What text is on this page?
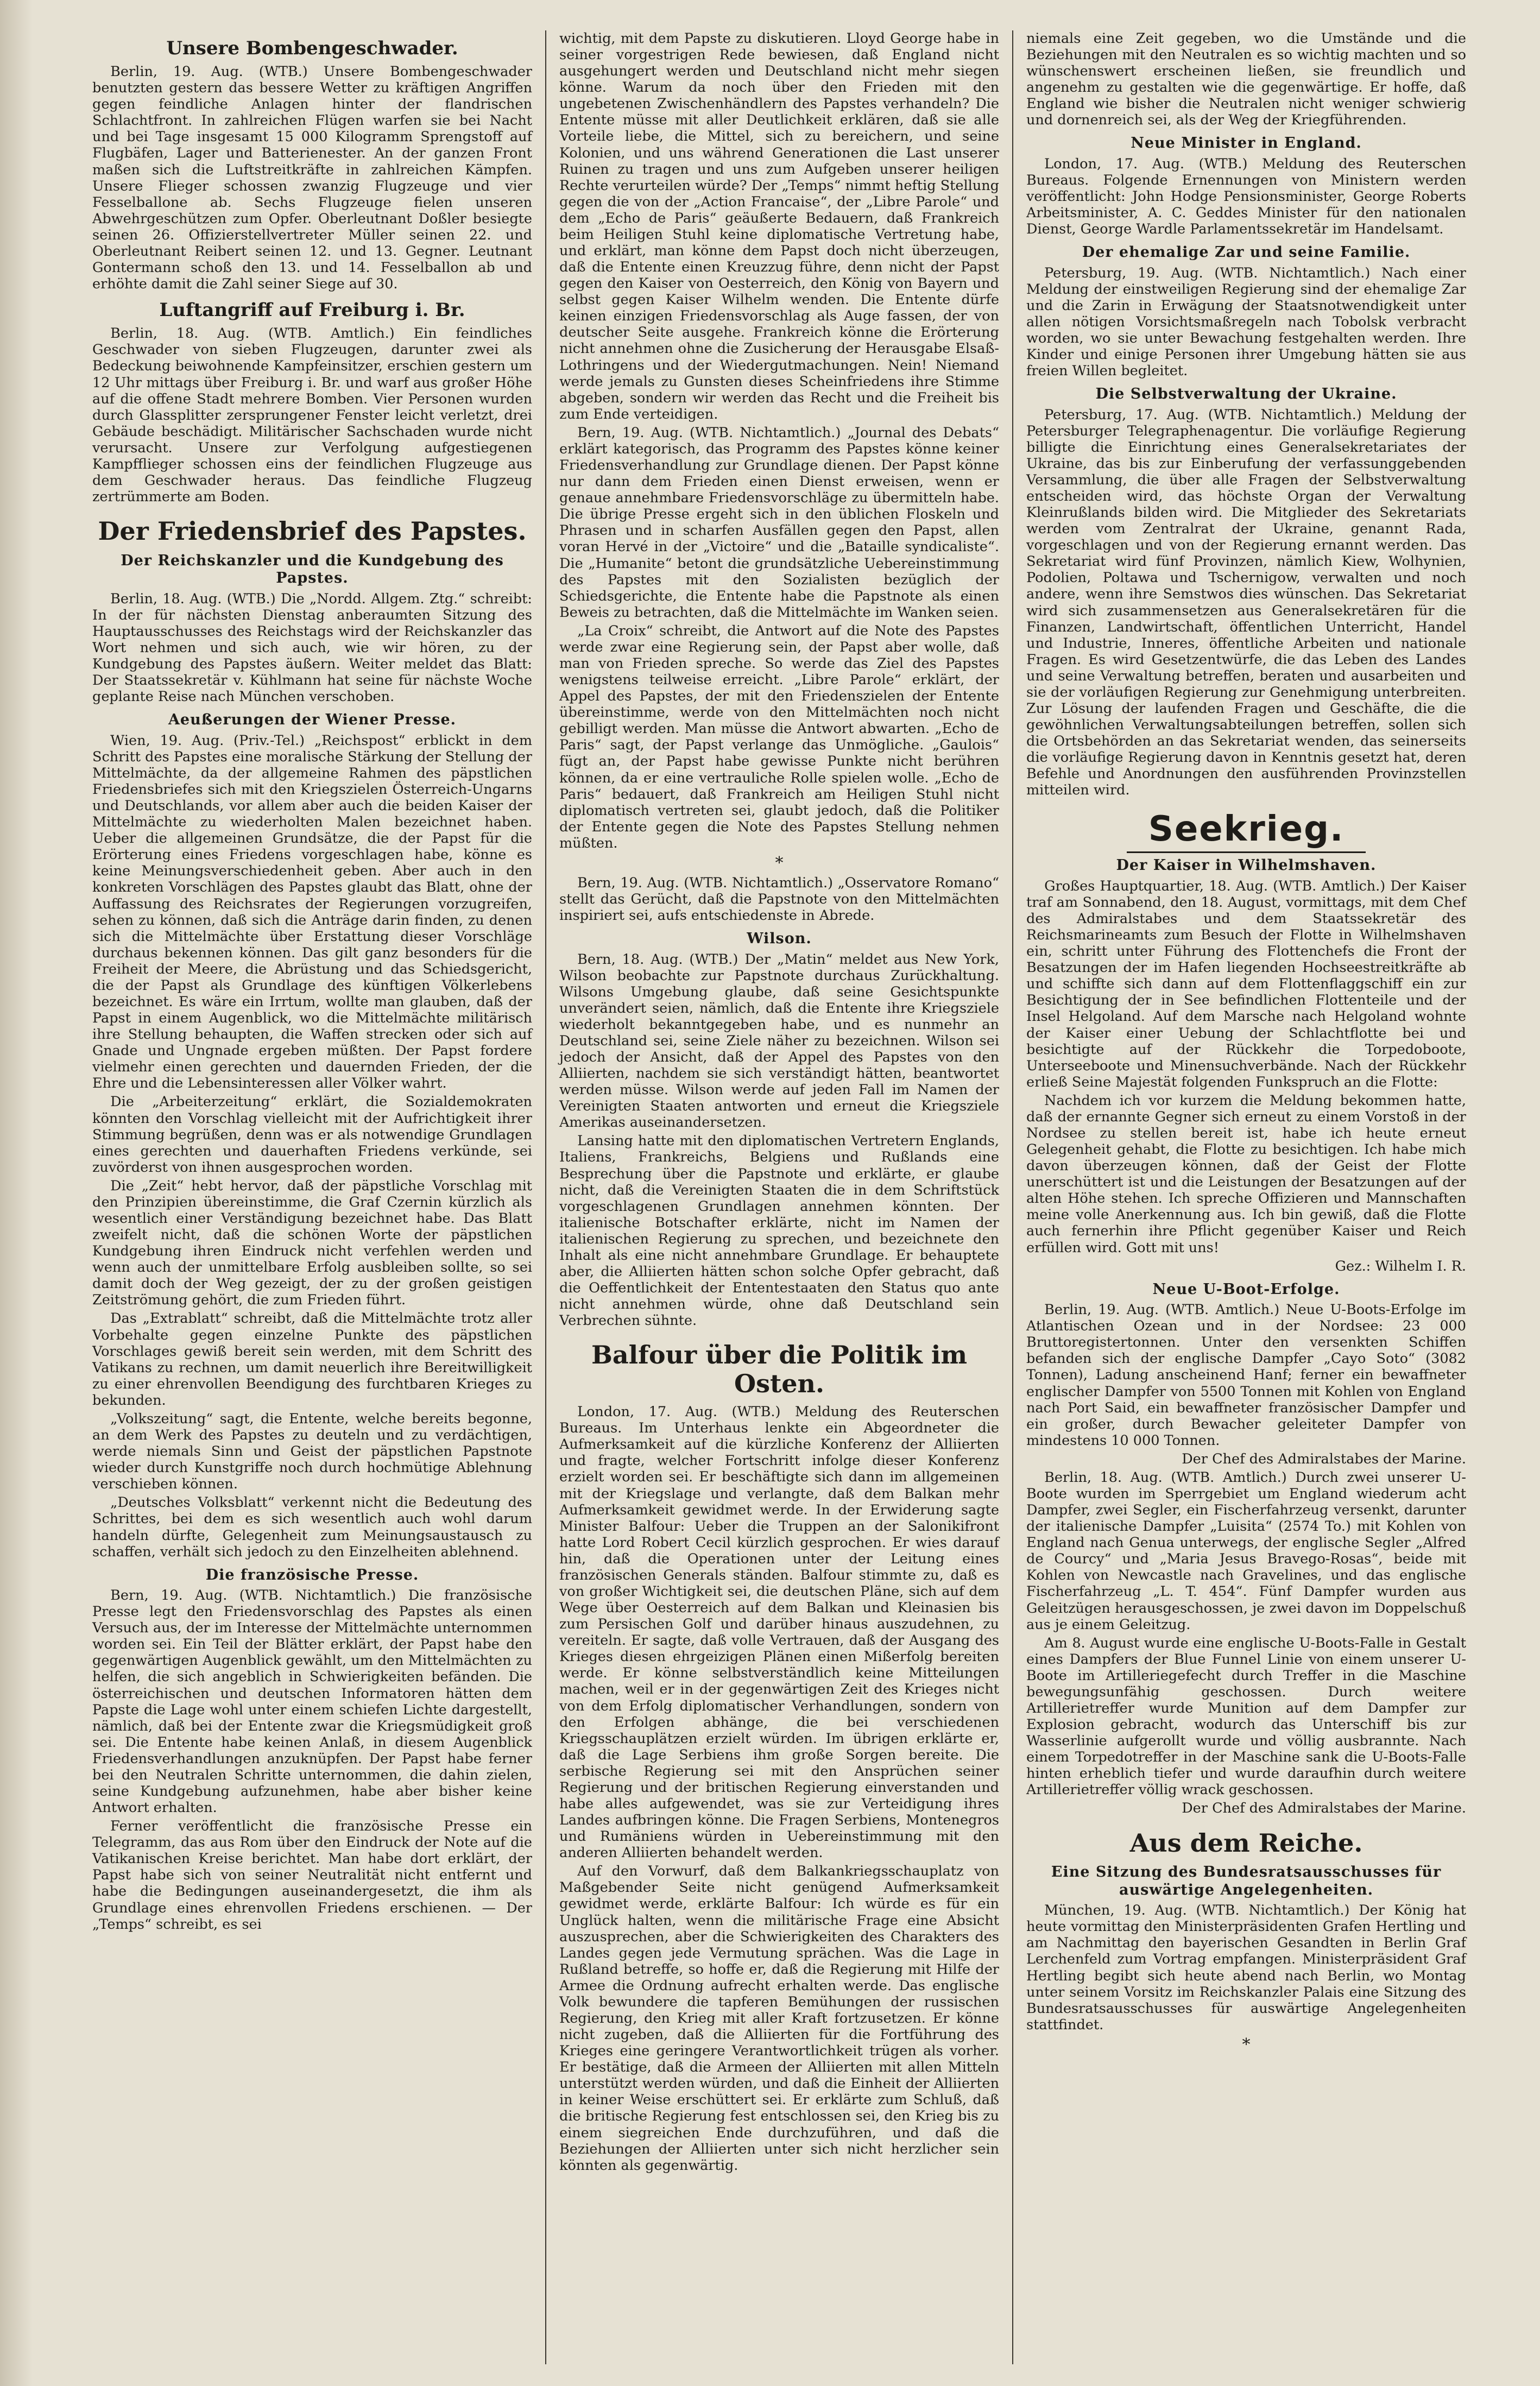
Unsere Bombengeschwader.

Berlin, 19. Aug. (WTB.) Unsere Bombengeschwader benutzten gestern das bessere Wetter zu kräftigen Angriffen gegen feindliche Anlagen hinter der flandrischen Schlachtfront. In zahlreichen Flügen warfen sie bei Nacht und bei Tage insgesamt 15 000 Kilogramm Sprengstoff auf Flugbäfen, Lager und Batterienester. An der ganzen Front maßen sich die Luftstreitkräfte in zahlreichen Kämpfen. Unsere Flieger schossen zwanzig Flugzeuge und vier Fesselballone ab. Sechs Flugzeuge fielen unseren Abwehrgeschützen zum Opfer. Oberleutnant Doßler besiegte seinen 26. Offizierstellvertreter Müller seinen 22. und Oberleutnant Reibert seinen 12. und 13. Gegner. Leutnant Gontermann schoß den 13. und 14. Fesselballon ab und erhöhte damit die Zahl seiner Siege auf 30.

Luftangriff auf Freiburg i. Br.

Berlin, 18. Aug. (WTB. Amtlich.) Ein feindliches Geschwader von sieben Flugzeugen, darunter zwei als Bedeckung beiwohnende Kampfeinsitzer, erschien gestern um 12 Uhr mittags über Freiburg i. Br. und warf aus großer Höhe auf die offene Stadt mehrere Bomben. Vier Personen wurden durch Glassplitter zersprungener Fenster leicht verletzt, drei Gebäude beschädigt. Militärischer Sachschaden wurde nicht verursacht. Unsere zur Verfolgung aufgestiegenen Kampfflieger schossen eins der feindlichen Flugzeuge aus dem Geschwader heraus. Das feindliche Flugzeug zertrümmerte am Boden.

Der Friedensbrief des Papstes.
Der Reichskanzler und die Kundgebung des Papstes.

Berlin, 18. Aug. (WTB.) Die „Nordd. Allgem. Ztg.“ schreibt: In der für nächsten Dienstag anberaumten Sitzung des Hauptausschusses des Reichstags wird der Reichskanzler das Wort nehmen und sich auch, wie wir hören, zu der Kundgebung des Papstes äußern. Weiter meldet das Blatt: Der Staatssekretär v. Kühlmann hat seine für nächste Woche geplante Reise nach München verschoben.

Aeußerungen der Wiener Presse.

Wien, 19. Aug. (Priv.-Tel.) „Reichspost“ erblickt in dem Schritt des Papstes eine moralische Stärkung der Stellung der Mittelmächte, da der allgemeine Rahmen des päpstlichen Friedensbriefes sich mit den Kriegszielen Österreich-Ungarns und Deutschlands, vor allem aber auch die beiden Kaiser der Mittelmächte zu wiederholten Malen bezeichnet haben. Ueber die allgemeinen Grundsätze, die der Papst für die Erörterung eines Friedens vorgeschlagen habe, könne es keine Meinungsverschiedenheit geben. Aber auch in den konkreten Vorschlägen des Papstes glaubt das Blatt, ohne der Auffassung des Reichsrates der Regierungen vorzugreifen, sehen zu können, daß sich die Anträge darin finden, zu denen sich die Mittelmächte über Erstattung dieser Vorschläge durchaus bekennen können. Das gilt ganz besonders für die Freiheit der Meere, die Abrüstung und das Schiedsgericht, die der Papst als Grundlage des künftigen Völkerlebens bezeichnet. Es wäre ein Irrtum, wollte man glauben, daß der Papst in einem Augenblick, wo die Mittelmächte militärisch ihre Stellung behaupten, die Waffen strecken oder sich auf Gnade und Ungnade ergeben müßten. Der Papst fordere vielmehr einen gerechten und dauernden Frieden, der die Ehre und die Lebensinteressen aller Völker wahrt.

Die „Arbeiterzeitung“ erklärt, die Sozialdemokraten könnten den Vorschlag vielleicht mit der Aufrichtigkeit ihrer Stimmung begrüßen, denn was er als notwendige Grundlagen eines gerechten und dauerhaften Friedens verkünde, sei zuvörderst von ihnen ausgesprochen worden.

Die „Zeit“ hebt hervor, daß der päpstliche Vorschlag mit den Prinzipien übereinstimme, die Graf Czernin kürzlich als wesentlich einer Verständigung bezeichnet habe. Das Blatt zweifelt nicht, daß die schönen Worte der päpstlichen Kundgebung ihren Eindruck nicht verfehlen werden und wenn auch der unmittelbare Erfolg ausbleiben sollte, so sei damit doch der Weg gezeigt, der zu der großen geistigen Zeitströmung gehört, die zum Frieden führt.

Das „Extrablatt“ schreibt, daß die Mittelmächte trotz aller Vorbehalte gegen einzelne Punkte des päpstlichen Vorschlages gewiß bereit sein werden, mit dem Schritt des Vatikans zu rechnen, um damit neuerlich ihre Bereitwilligkeit zu einer ehrenvollen Beendigung des furchtbaren Krieges zu bekunden.

„Volkszeitung“ sagt, die Entente, welche bereits begonne, an dem Werk des Papstes zu deuteln und zu verdächtigen, werde niemals Sinn und Geist der päpstlichen Papstnote wieder durch Kunstgriffe noch durch hochmütige Ablehnung verschieben können.

„Deutsches Volksblatt“ verkennt nicht die Bedeutung des Schrittes, bei dem es sich wesentlich auch wohl darum handeln dürfte, Gelegenheit zum Meinungsaustausch zu schaffen, verhält sich jedoch zu den Einzelheiten ablehnend.

Die französische Presse.

Bern, 19. Aug. (WTB. Nichtamtlich.) Die französische Presse legt den Friedensvorschlag des Papstes als einen Versuch aus, der im Interesse der Mittelmächte unternommen worden sei. Ein Teil der Blätter erklärt, der Papst habe den gegenwärtigen Augenblick gewählt, um den Mittelmächten zu helfen, die sich angeblich in Schwierigkeiten befänden. Die österreichischen und deutschen Informatoren hätten dem Papste die Lage wohl unter einem schiefen Lichte dargestellt, nämlich, daß bei der Entente zwar die Kriegsmüdigkeit groß sei. Die Entente habe keinen Anlaß, in diesem Augenblick Friedensverhandlungen anzuknüpfen. Der Papst habe ferner bei den Neutralen Schritte unternommen, die dahin zielen, seine Kundgebung aufzunehmen, habe aber bisher keine Antwort erhalten.

Ferner veröffentlicht die französische Presse ein Telegramm, das aus Rom über den Eindruck der Note auf die Vatikanischen Kreise berichtet. Man habe dort erklärt, der Papst habe sich von seiner Neutralität nicht entfernt und habe die Bedingungen auseinandergesetzt, die ihm als Grundlage eines ehrenvollen Friedens erschienen. — Der „Temps“ schreibt, es sei

wichtig, mit dem Papste zu diskutieren. Lloyd George habe in seiner vorgestrigen Rede bewiesen, daß England nicht ausgehungert werden und Deutschland nicht mehr siegen könne. Warum da noch über den Frieden mit den ungebetenen Zwischenhändlern des Papstes verhandeln? Die Entente müsse mit aller Deutlichkeit erklären, daß sie alle Vorteile liebe, die Mittel, sich zu bereichern, und seine Kolonien, und uns während Generationen die Last unserer Ruinen zu tragen und uns zum Aufgeben unserer heiligen Rechte verurteilen würde? Der „Temps“ nimmt heftig Stellung gegen die von der „Action Francaise“, der „Libre Parole“ und dem „Echo de Paris“ geäußerte Bedauern, daß Frankreich beim Heiligen Stuhl keine diplomatische Vertretung habe, und erklärt, man könne dem Papst doch nicht überzeugen, daß die Entente einen Kreuzzug führe, denn nicht der Papst gegen den Kaiser von Oesterreich, den König von Bayern und selbst gegen Kaiser Wilhelm wenden. Die Entente dürfe keinen einzigen Friedensvorschlag als Auge fassen, der von deutscher Seite ausgehe. Frankreich könne die Erörterung nicht annehmen ohne die Zusicherung der Herausgabe Elsaß-Lothringens und der Wiedergutmachungen. Nein! Niemand werde jemals zu Gunsten dieses Scheinfriedens ihre Stimme abgeben, sondern wir werden das Recht und die Freiheit bis zum Ende verteidigen.

Bern, 19. Aug. (WTB. Nichtamtlich.) „Journal des Debats“ erklärt kategorisch, das Programm des Papstes könne keiner Friedensverhandlung zur Grundlage dienen. Der Papst könne nur dann dem Frieden einen Dienst erweisen, wenn er genaue annehmbare Friedensvorschläge zu übermitteln habe. Die übrige Presse ergeht sich in den üblichen Floskeln und Phrasen und in scharfen Ausfällen gegen den Papst, allen voran Hervé in der „Victoire“ und die „Bataille syndicaliste“. Die „Humanite“ betont die grundsätzliche Uebereinstimmung des Papstes mit den Sozialisten bezüglich der Schiedsgerichte, die Entente habe die Papstnote als einen Beweis zu betrachten, daß die Mittelmächte im Wanken seien.

„La Croix“ schreibt, die Antwort auf die Note des Papstes werde zwar eine Regierung sein, der Papst aber wolle, daß man von Frieden spreche. So werde das Ziel des Papstes wenigstens teilweise erreicht. „Libre Parole“ erklärt, der Appel des Papstes, der mit den Friedenszielen der Entente übereinstimme, werde von den Mittelmächten noch nicht gebilligt werden. Man müsse die Antwort abwarten. „Echo de Paris“ sagt, der Papst verlange das Unmögliche. „Gaulois“ fügt an, der Papst habe gewisse Punkte nicht berühren können, da er eine vertrauliche Rolle spielen wolle. „Echo de Paris“ bedauert, daß Frankreich am Heiligen Stuhl nicht diplomatisch vertreten sei, glaubt jedoch, daß die Politiker der Entente gegen die Note des Papstes Stellung nehmen müßten.

*

Bern, 19. Aug. (WTB. Nichtamtlich.) „Osservatore Romano“ stellt das Gerücht, daß die Papstnote von den Mittelmächten inspiriert sei, aufs entschiedenste in Abrede.

Wilson.

Bern, 18. Aug. (WTB.) Der „Matin“ meldet aus New York, Wilson beobachte zur Papstnote durchaus Zurückhaltung. Wilsons Umgebung glaube, daß seine Gesichtspunkte unverändert seien, nämlich, daß die Entente ihre Kriegsziele wiederholt bekanntgegeben habe, und es nunmehr an Deutschland sei, seine Ziele näher zu bezeichnen. Wilson sei jedoch der Ansicht, daß der Appel des Papstes von den Alliierten, nachdem sie sich verständigt hätten, beantwortet werden müsse. Wilson werde auf jeden Fall im Namen der Vereinigten Staaten antworten und erneut die Kriegsziele Amerikas auseinandersetzen.

Lansing hatte mit den diplomatischen Vertretern Englands, Italiens, Frankreichs, Belgiens und Rußlands eine Besprechung über die Papstnote und erklärte, er glaube nicht, daß die Vereinigten Staaten die in dem Schriftstück vorgeschlagenen Grundlagen annehmen könnten. Der italienische Botschafter erklärte, nicht im Namen der italienischen Regierung zu sprechen, und bezeichnete den Inhalt als eine nicht annehmbare Grundlage. Er behauptete aber, die Alliierten hätten schon solche Opfer gebracht, daß die Oeffentlichkeit der Ententestaaten den Status quo ante nicht annehmen würde, ohne daß Deutschland sein Verbrechen sühnte.

Balfour über die Politik im Osten.

London, 17. Aug. (WTB.) Meldung des Reuterschen Bureaus. Im Unterhaus lenkte ein Abgeordneter die Aufmerksamkeit auf die kürzliche Konferenz der Alliierten und fragte, welcher Fortschritt infolge dieser Konferenz erzielt worden sei. Er beschäftigte sich dann im allgemeinen mit der Kriegslage und verlangte, daß dem Balkan mehr Aufmerksamkeit gewidmet werde. In der Erwiderung sagte Minister Balfour: Ueber die Truppen an der Salonikifront hatte Lord Robert Cecil kürzlich gesprochen. Er wies darauf hin, daß die Operationen unter der Leitung eines französischen Generals ständen. Balfour stimmte zu, daß es von großer Wichtigkeit sei, die deutschen Pläne, sich auf dem Wege über Oesterreich auf dem Balkan und Kleinasien bis zum Persischen Golf und darüber hinaus auszudehnen, zu vereiteln. Er sagte, daß volle Vertrauen, daß der Ausgang des Krieges diesen ehrgeizigen Plänen einen Mißerfolg bereiten werde. Er könne selbstverständlich keine Mitteilungen machen, weil er in der gegenwärtigen Zeit des Krieges nicht von dem Erfolg diplomatischer Verhandlungen, sondern von den Erfolgen abhänge, die bei verschiedenen Kriegsschauplätzen erzielt würden. Im übrigen erklärte er, daß die Lage Serbiens ihm große Sorgen bereite. Die serbische Regierung sei mit den Ansprüchen seiner Regierung und der britischen Regierung einverstanden und habe alles aufgewendet, was sie zur Verteidigung ihres Landes aufbringen könne. Die Fragen Serbiens, Montenegros und Rumäniens würden in Uebereinstimmung mit den anderen Alliierten behandelt werden.

Auf den Vorwurf, daß dem Balkankriegsschauplatz von Maßgebender Seite nicht genügend Aufmerksamkeit gewidmet werde, erklärte Balfour: Ich würde es für ein Unglück halten, wenn die militärische Frage eine Absicht auszusprechen, aber die Schwierigkeiten des Charakters des Landes gegen jede Vermutung sprächen. Was die Lage in Rußland betreffe, so hoffe er, daß die Regierung mit Hilfe der Armee die Ordnung aufrecht erhalten werde. Das englische Volk bewundere die tapferen Bemühungen der russischen Regierung, den Krieg mit aller Kraft fortzusetzen. Er könne nicht zugeben, daß die Alliierten für die Fortführung des Krieges eine geringere Verantwortlichkeit trügen als vorher. Er bestätige, daß die Armeen der Alliierten mit allen Mitteln unterstützt werden würden, und daß die Einheit der Alliierten in keiner Weise erschüttert sei. Er erklärte zum Schluß, daß die britische Regierung fest entschlossen sei, den Krieg bis zu einem siegreichen Ende durchzuführen, und daß die Beziehungen der Alliierten unter sich nicht herzlicher sein könnten als gegenwärtig.

niemals eine Zeit gegeben, wo die Umstände und die Beziehungen mit den Neutralen es so wichtig machten und so wünschenswert erscheinen ließen, sie freundlich und angenehm zu gestalten wie die gegenwärtige. Er hoffe, daß England wie bisher die Neutralen nicht weniger schwierig und dornenreich sei, als der Weg der Kriegführenden.

Neue Minister in England.

London, 17. Aug. (WTB.) Meldung des Reuterschen Bureaus. Folgende Ernennungen von Ministern werden veröffentlicht: John Hodge Pensionsminister, George Roberts Arbeitsminister, A. C. Geddes Minister für den nationalen Dienst, George Wardle Parlamentssekretär im Handelsamt.

Der ehemalige Zar und seine Familie.

Petersburg, 19. Aug. (WTB. Nichtamtlich.) Nach einer Meldung der einstweiligen Regierung sind der ehemalige Zar und die Zarin in Erwägung der Staatsnotwendigkeit unter allen nötigen Vorsichtsmaßregeln nach Tobolsk verbracht worden, wo sie unter Bewachung festgehalten werden. Ihre Kinder und einige Personen ihrer Umgebung hätten sie aus freien Willen begleitet.

Die Selbstverwaltung der Ukraine.

Petersburg, 17. Aug. (WTB. Nichtamtlich.) Meldung der Petersburger Telegraphenagentur. Die vorläufige Regierung billigte die Einrichtung eines Generalsekretariates der Ukraine, das bis zur Einberufung der verfassunggebenden Versammlung, die über alle Fragen der Selbstverwaltung entscheiden wird, das höchste Organ der Verwaltung Kleinrußlands bilden wird. Die Mitglieder des Sekretariats werden vom Zentralrat der Ukraine, genannt Rada, vorgeschlagen und von der Regierung ernannt werden. Das Sekretariat wird fünf Provinzen, nämlich Kiew, Wolhynien, Podolien, Poltawa und Tschernigow, verwalten und noch andere, wenn ihre Semstwos dies wünschen. Das Sekretariat wird sich zusammensetzen aus Generalsekretären für die Finanzen, Landwirtschaft, öffentlichen Unterricht, Handel und Industrie, Inneres, öffentliche Arbeiten und nationale Fragen. Es wird Gesetzentwürfe, die das Leben des Landes und seine Verwaltung betreffen, beraten und ausarbeiten und sie der vorläufigen Regierung zur Genehmigung unterbreiten. Zur Lösung der laufenden Fragen und Geschäfte, die die gewöhnlichen Verwaltungsabteilungen betreffen, sollen sich die Ortsbehörden an das Sekretariat wenden, das seinerseits die vorläufige Regierung davon in Kenntnis gesetzt hat, deren Befehle und Anordnungen den ausführenden Provinzstellen mitteilen wird.

Seekrieg.
Der Kaiser in Wilhelmshaven.

Großes Hauptquartier, 18. Aug. (WTB. Amtlich.) Der Kaiser traf am Sonnabend, den 18. August, vormittags, mit dem Chef des Admiralstabes und dem Staatssekretär des Reichsmarineamts zum Besuch der Flotte in Wilhelmshaven ein, schritt unter Führung des Flottenchefs die Front der Besatzungen der im Hafen liegenden Hochseestreitkräfte ab und schiffte sich dann auf dem Flottenflaggschiff ein zur Besichtigung der in See befindlichen Flottenteile und der Insel Helgoland. Auf dem Marsche nach Helgoland wohnte der Kaiser einer Uebung der Schlachtflotte bei und besichtigte auf der Rückkehr die Torpedoboote, Unterseeboote und Minensuchverbände. Nach der Rückkehr erließ Seine Majestät folgenden Funkspruch an die Flotte:

Nachdem ich vor kurzem die Meldung bekommen hatte, daß der ernannte Gegner sich erneut zu einem Vorstoß in der Nordsee zu stellen bereit ist, habe ich heute erneut Gelegenheit gehabt, die Flotte zu besichtigen. Ich habe mich davon überzeugen können, daß der Geist der Flotte unerschüttert ist und die Leistungen der Besatzungen auf der alten Höhe stehen. Ich spreche Offizieren und Mannschaften meine volle Anerkennung aus. Ich bin gewiß, daß die Flotte auch fernerhin ihre Pflicht gegenüber Kaiser und Reich erfüllen wird. Gott mit uns!

Gez.: Wilhelm I. R.

Neue U-Boot-Erfolge.

Berlin, 19. Aug. (WTB. Amtlich.) Neue U-Boots-Erfolge im Atlantischen Ozean und in der Nordsee: 23 000 Bruttoregistertonnen. Unter den versenkten Schiffen befanden sich der englische Dampfer „Cayo Soto“ (3082 Tonnen), Ladung anscheinend Hanf; ferner ein bewaffneter englischer Dampfer von 5500 Tonnen mit Kohlen von England nach Port Said, ein bewaffneter französischer Dampfer und ein großer, durch Bewacher geleiteter Dampfer von mindestens 10 000 Tonnen.

Der Chef des Admiralstabes der Marine.

Berlin, 18. Aug. (WTB. Amtlich.) Durch zwei unserer U-Boote wurden im Sperrgebiet um England wiederum acht Dampfer, zwei Segler, ein Fischerfahrzeug versenkt, darunter der italienische Dampfer „Luisita“ (2574 To.) mit Kohlen von England nach Genua unterwegs, der englische Segler „Alfred de Courcy“ und „Maria Jesus Bravego-Rosas“, beide mit Kohlen von Newcastle nach Gravelines, und das englische Fischerfahrzeug „L. T. 454“. Fünf Dampfer wurden aus Geleitzügen herausgeschossen, je zwei davon im Doppelschuß aus je einem Geleitzug.

Am 8. August wurde eine englische U-Boots-Falle in Gestalt eines Dampfers der Blue Funnel Linie von einem unserer U-Boote im Artilleriegefecht durch Treffer in die Maschine bewegungsunfähig geschossen. Durch weitere Artillerietreffer wurde Munition auf dem Dampfer zur Explosion gebracht, wodurch das Unterschiff bis zur Wasserlinie aufgerollt wurde und völlig ausbrannte. Nach einem Torpedotreffer in der Maschine sank die U-Boots-Falle hinten erheblich tiefer und wurde daraufhin durch weitere Artillerietreffer völlig wrack geschossen.

Der Chef des Admiralstabes der Marine.

Aus dem Reiche.
Eine Sitzung des Bundesratsausschusses für auswärtige Angelegenheiten.

München, 19. Aug. (WTB. Nichtamtlich.) Der König hat heute vormittag den Ministerpräsidenten Grafen Hertling und am Nachmittag den bayerischen Gesandten in Berlin Graf Lerchenfeld zum Vortrag empfangen. Ministerpräsident Graf Hertling begibt sich heute abend nach Berlin, wo Montag unter seinem Vorsitz im Reichskanzler Palais eine Sitzung des Bundesratsausschusses für auswärtige Angelegenheiten stattfindet.

*
